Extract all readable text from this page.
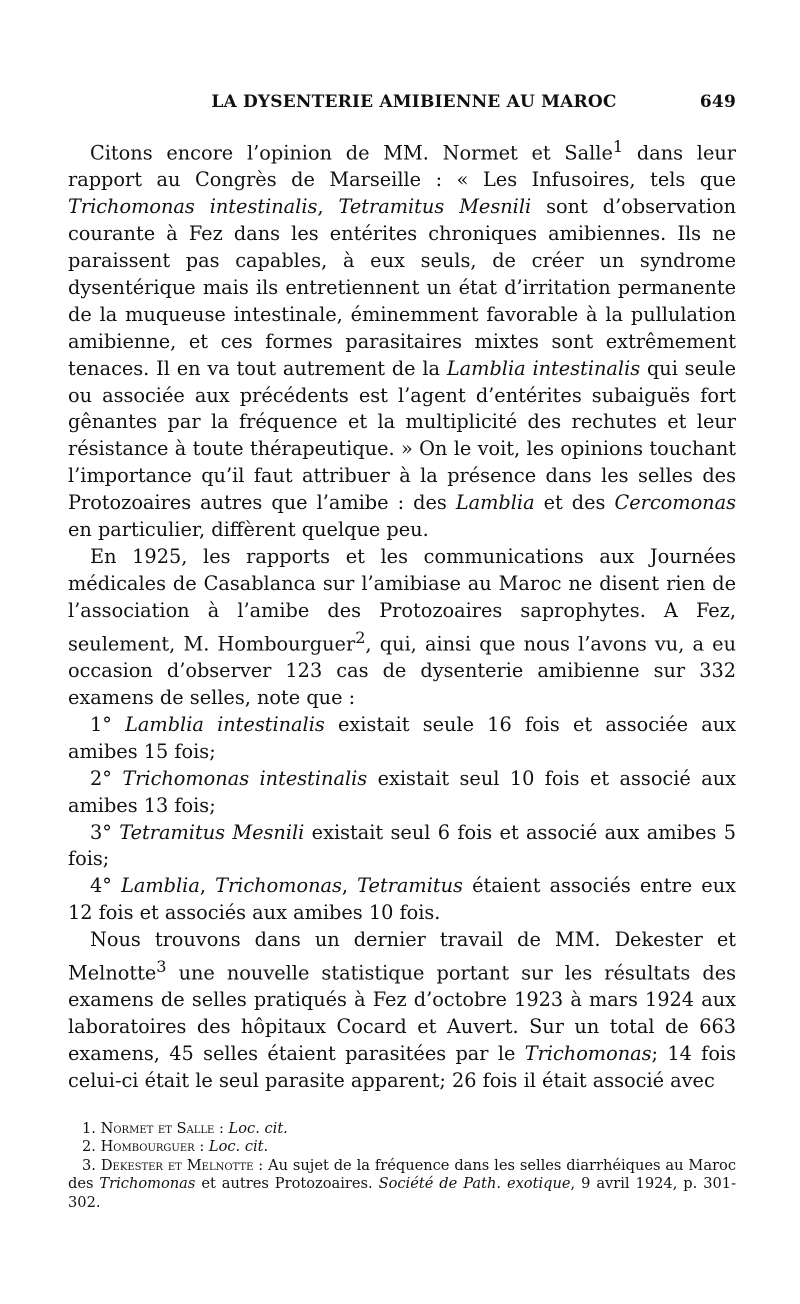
LA DYSENTERIE AMIBIENNE AU MAROC	649

Citons encore l’opinion de MM. Normet et Salle$^1$ dans leur rapport au Congrès de Marseille : « Les Infusoires, tels que Trichomonas intestinalis, Tetramitus Mesnili sont d’observation courante à Fez dans les entérites chroniques amibiennes. Ils ne paraissent pas capables, à eux seuls, de créer un syndrome dysentérique mais ils entretiennent un état d’irritation permanente de la muqueuse intestinale, éminemment favorable à la pullulation amibienne, et ces formes parasitaires mixtes sont extrêmement tenaces. Il en va tout autrement de la Lamblia intestinalis qui seule ou associée aux précédents est l’agent d’entérites subaiguës fort gênantes par la fréquence et la multiplicité des rechutes et leur résistance à toute thérapeutique. » On le voit, les opinions touchant l’importance qu’il faut attribuer à la présence dans les selles des Protozoaires autres que l’amibe : des Lamblia et des Cercomonas en particulier, diffèrent quelque peu.

En 1925, les rapports et les communications aux Journées médicales de Casablanca sur l’amibiase au Maroc ne disent rien de l’association à l’amibe des Protozoaires saprophytes. A Fez, seulement, M. Hombourguer$^2$, qui, ainsi que nous l’avons vu, a eu occasion d’observer 123 cas de dysenterie amibienne sur 332 examens de selles, note que :

1° Lamblia intestinalis existait seule 16 fois et associée aux amibes 15 fois;

2° Trichomonas intestinalis existait seul 10 fois et associé aux amibes 13 fois;

3° Tetramitus Mesnili existait seul 6 fois et associé aux amibes 5 fois;

4° Lamblia, Trichomonas, Tetramitus étaient associés entre eux 12 fois et associés aux amibes 10 fois.

Nous trouvons dans un dernier travail de MM. Dekester et Melnotte$^3$ une nouvelle statistique portant sur les résultats des examens de selles pratiqués à Fez d’octobre 1923 à mars 1924 aux laboratoires des hôpitaux Cocard et Auvert. Sur un total de 663 examens, 45 selles étaient parasitées par le Trichomonas; 14 fois celui-ci était le seul parasite apparent; 26 fois il était associé avec

1. Normet et Salle : Loc. cit.

2. Hombourguer : Loc. cit.

3. Dekester et Melnotte : Au sujet de la fréquence dans les selles diarrhéiques au Maroc des Trichomonas et autres Protozoaires. Société de Path. exotique, 9 avril 1924, p. 301-302.
